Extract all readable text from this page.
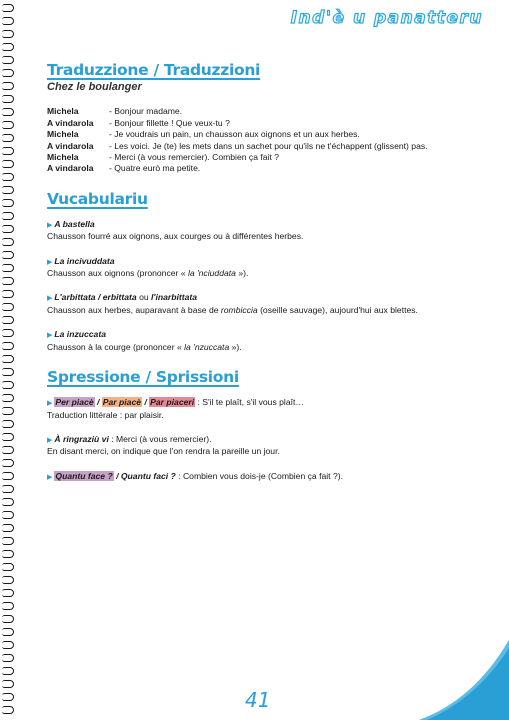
Ind'è u panatteru
Traduzzione / Traduzzioni
Chez le boulanger
Michela	- Bonjour madame.
A vindarola	- Bonjour fillette ! Que veux-tu ?
Michela	- Je voudrais un pain, un chausson aux oignons et un aux herbes.
A vindarola	- Les voici. Je (te) les mets dans un sachet pour qu'ils ne t'échappent (glissent) pas.
Michela	- Merci (à vous remercier). Combien ça fait ?
A vindarola	- Quatre eurò ma petite.
Vucabulariu
▶ A bastella
Chausson fourré aux oignons, aux courges ou à différentes herbes.
▶ La incivuddata
Chausson aux oignons (prononcer « la 'nciuddata »).
▶ L'arbittata / erbittata ou l'inarbittata
Chausson aux herbes, auparavant à base de rombiccia (oseille sauvage), aujourd'hui aux blettes.
▶ La inzuccata
Chausson à la courge (prononcer « la 'nzuccata »).
Spressione / Sprissioni
▶ Per piacè / Par piacè / Par piaceri : S'il te plaît, s'il vous plaît…
Traduction littérale : par plaisir.
▶ À ringraziù vi : Merci (à vous remercier).
En disant merci, on indique que l'on rendra la pareille un jour.
▶ Quantu face ? / Quantu faci ? : Combien vous dois-je (Combien ça fait ?).
41
